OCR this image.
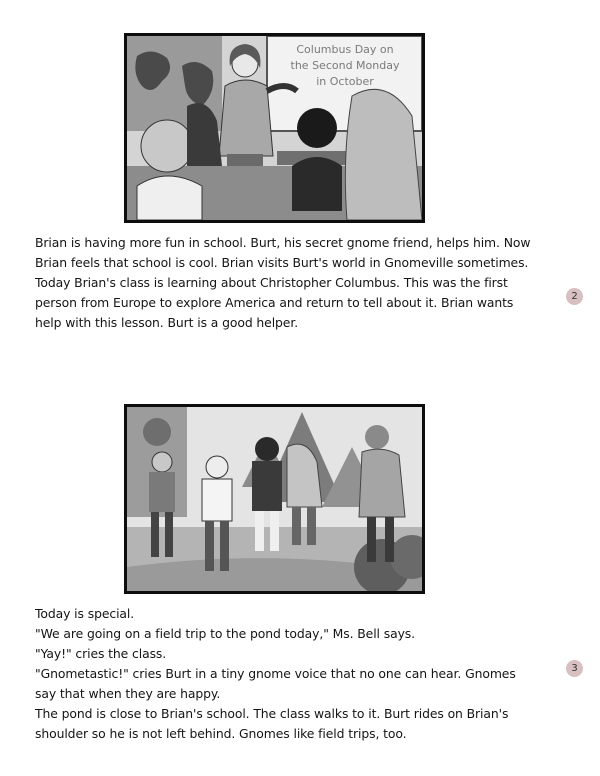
Columbus Day on
the Second Monday
in October
Brian is having more fun in school. Burt, his secret gnome friend, helps him. Now
Brian feels that school is cool. Brian visits Burt's world in Gnomeville sometimes.
Today Brian's class is learning about Christopher Columbus. This was the first
person from Europe to explore America and return to tell about it. Brian wants
help with this lesson. Burt is a good helper.
2
Today is special.
"We are going on a field trip to the pond today," Ms. Bell says.
"Yay!" cries the class.
"Gnometastic!" cries Burt in a tiny gnome voice that no one can hear. Gnomes
say that when they are happy.
The pond is close to Brian's school. The class walks to it. Burt rides on Brian's
shoulder so he is not left behind. Gnomes like field trips, too.
3
